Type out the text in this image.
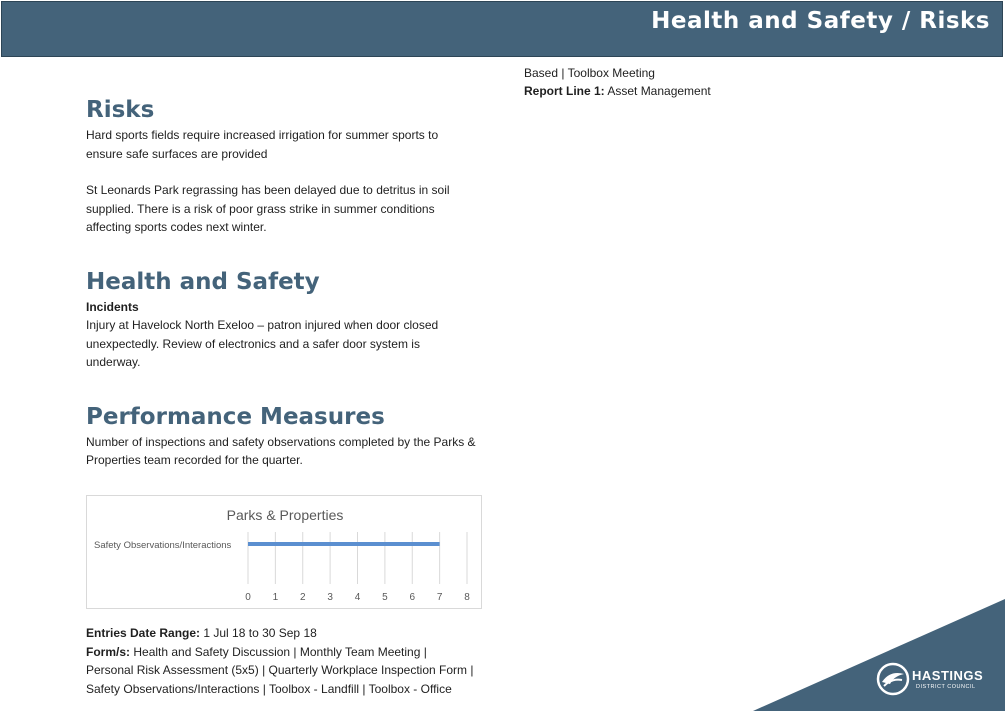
Health and Safety / Risks
Based | Toolbox Meeting
Report Line 1: Asset Management
Risks

Hard sports fields require increased irrigation for summer sports to
ensure safe surfaces are provided

St Leonards Park regrassing has been delayed due to detritus in soil
supplied. There is a risk of poor grass strike in summer conditions
affecting sports codes next winter.

Health and Safety

Incidents

Injury at Havelock North Exeloo – patron injured when door closed
unexpectedly. Review of electronics and a safer door system is
underway.

Performance Measures

Number of inspections and safety observations completed by the Parks &
Properties team recorded for the quarter.

Parks & Properties
Safety Observations/Interactions
0 1 2 3 4 5 6 7 8
Entries Date Range: 1 Jul 18 to 30 Sep 18
Form/s: Health and Safety Discussion | Monthly Team Meeting |
Personal Risk Assessment (5x5) | Quarterly Workplace Inspection Form |
Safety Observations/Interactions | Toolbox - Landfill | Toolbox - Office
HASTINGS
DISTRICT COUNCIL
